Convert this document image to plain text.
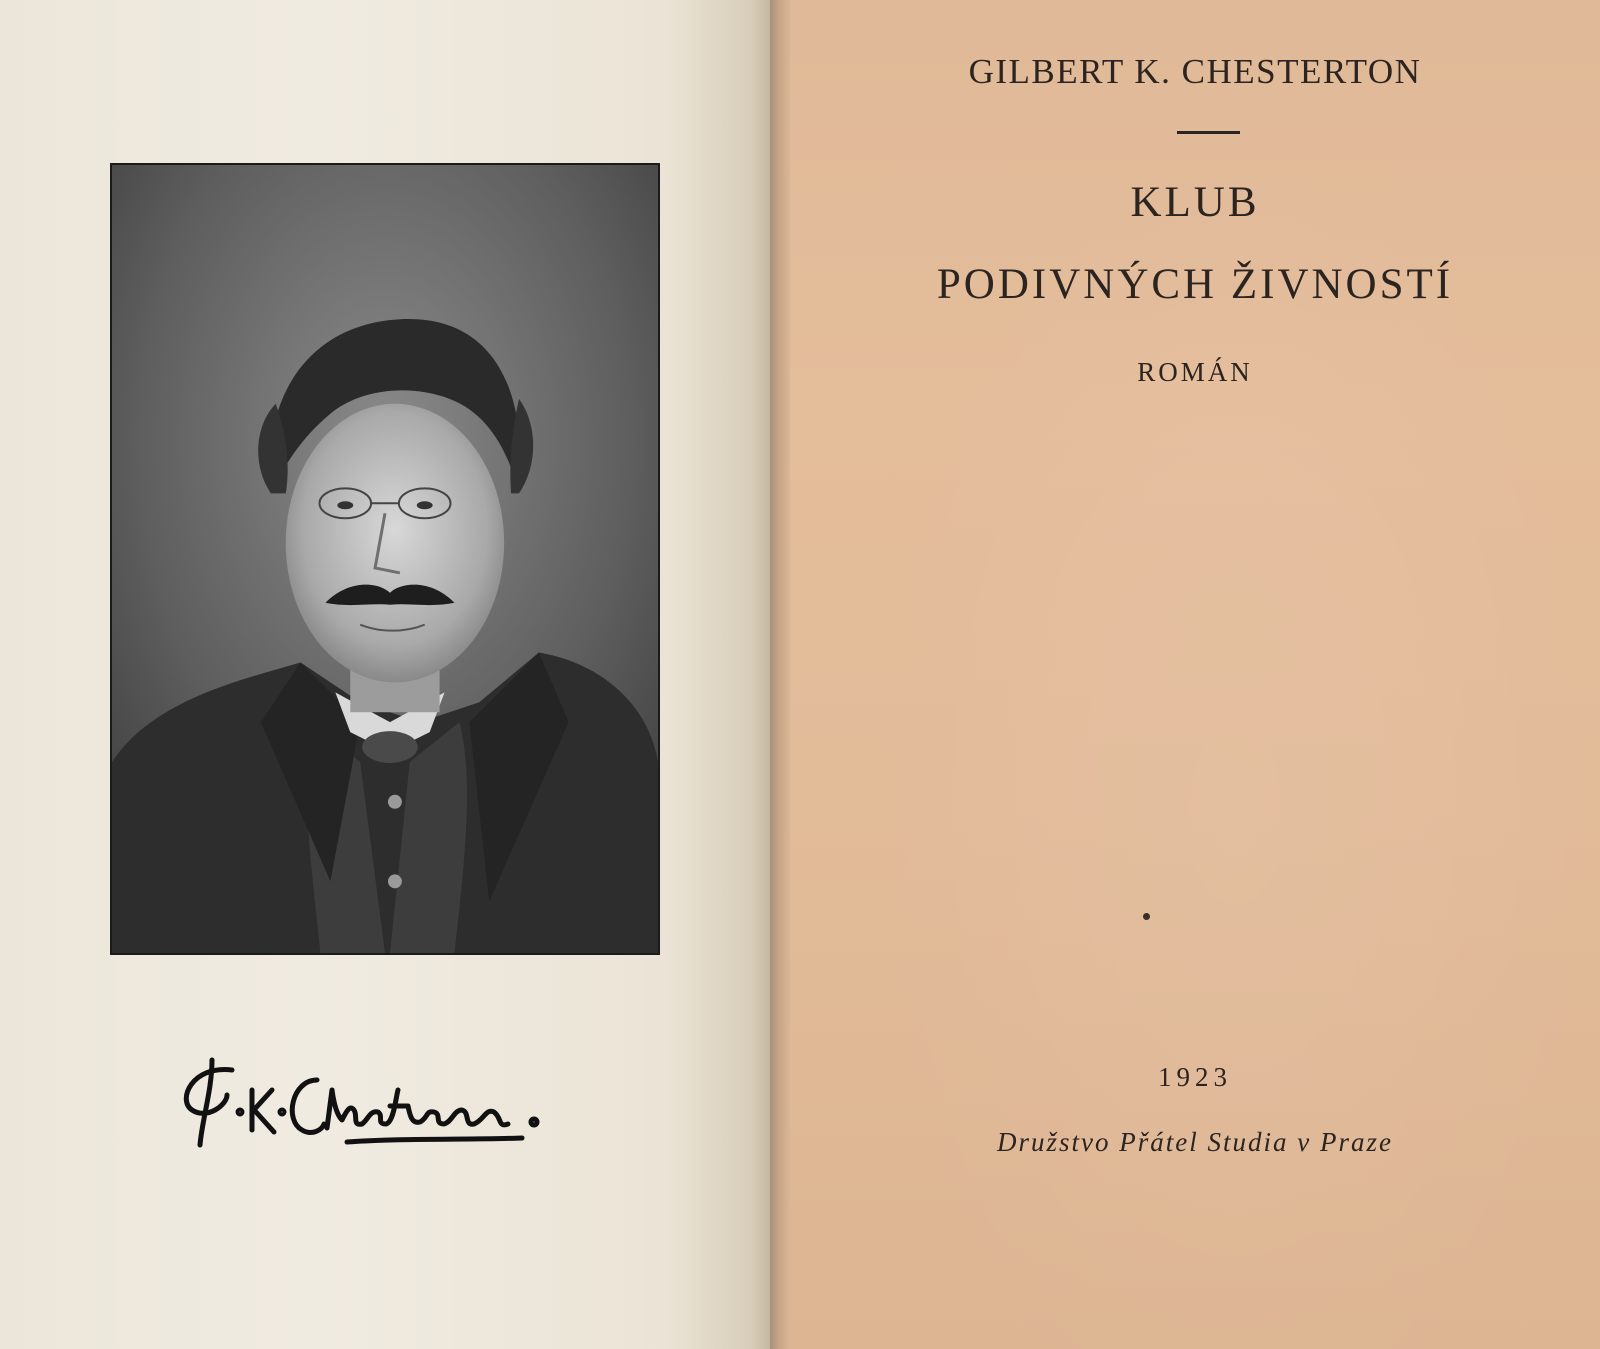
GILBERT K. CHESTERTON
KLUB
PODIVNÝCH ŽIVNOSTÍ
ROMÁN
1923
Družstvo Přátel Studia v Praze
